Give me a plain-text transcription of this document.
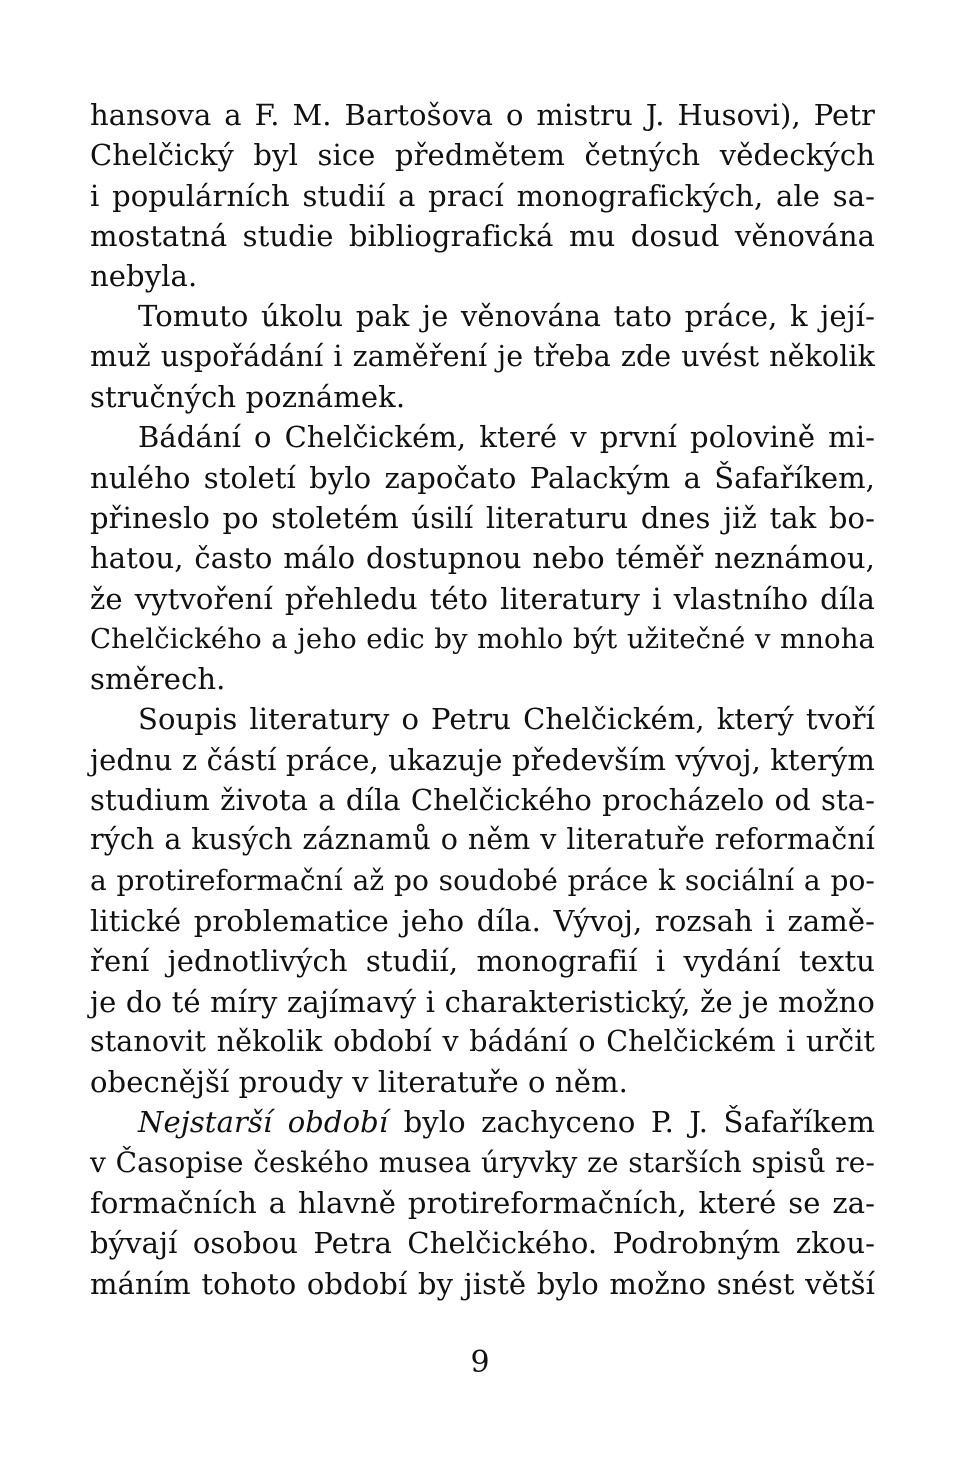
hansova a F. M. Bartošova o mistru J. Husovi), Petr
Chelčický byl sice předmětem četných vědeckých
i populárních studií a prací monografických, ale sa-
mostatná studie bibliografická mu dosud věnována
nebyla.
Tomuto úkolu pak je věnována tato práce, k její-
muž uspořádání i zaměření je třeba zde uvést několik
stručných poznámek.
Bádání o Chelčickém, které v první polovině mi-
nulého století bylo započato Palackým a Šafaříkem,
přineslo po stoletém úsilí literaturu dnes již tak bo-
hatou, často málo dostupnou nebo téměř neznámou,
že vytvoření přehledu této literatury i vlastního díla
Chelčického a jeho edic by mohlo být užitečné v mnoha
směrech.
Soupis literatury o Petru Chelčickém, který tvoří
jednu z částí práce, ukazuje především vývoj, kterým
studium života a díla Chelčického procházelo od sta-
rých a kusých záznamů o něm v literatuře reformační
a protireformační až po soudobé práce k sociální a po-
litické problematice jeho díla. Vývoj, rozsah i zamě-
ření jednotlivých studií, monografií i vydání textu
je do té míry zajímavý i charakteristický, že je možno
stanovit několik období v bádání o Chelčickém i určit
obecnější proudy v literatuře o něm.
Nejstarší období bylo zachyceno P. J. Šafaříkem
v Časopise českého musea úryvky ze starších spisů re-
formačních a hlavně protireformačních, které se za-
bývají osobou Petra Chelčického. Podrobným zkou-
máním tohoto období by jistě bylo možno snést větší
9
